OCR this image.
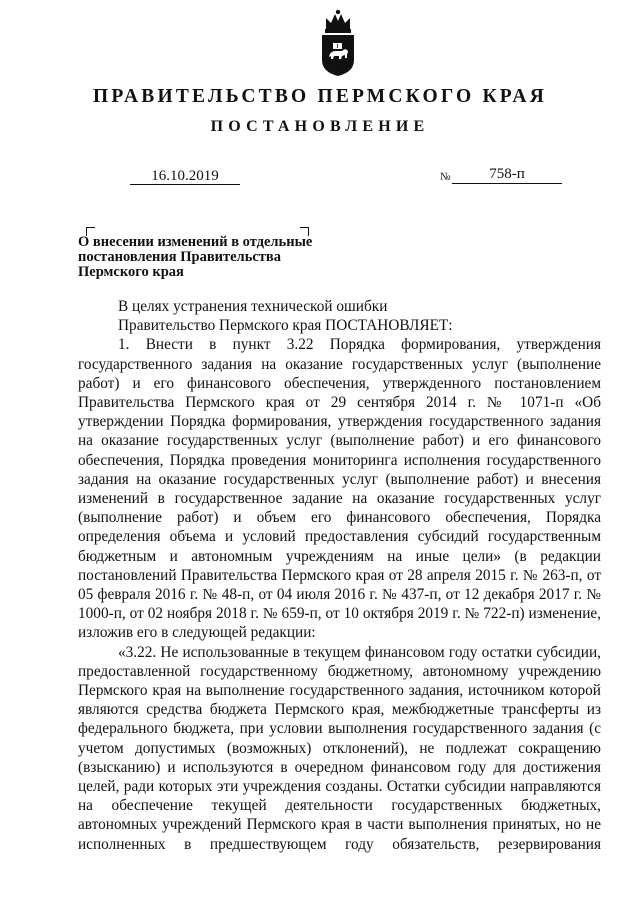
ПРАВИТЕЛЬСТВО ПЕРМСКОГО КРАЯ
ПОСТАНОВЛЕНИЕ
16.10.2019	№	758-п
О внесении изменений в отдельные постановления Правительства Пермского края

В целях устранения технической ошибки

Правительство Пермского края ПОСТАНОВЛЯЕТ:

1. Внести в пункт 3.22 Порядка формирования, утверждения государственного задания на оказание государственных услуг (выполнение работ) и его финансового обеспечения, утвержденного постановлением Правительства Пермского края от 29 сентября 2014 г. № 1071-п «Об утверждении Порядка формирования, утверждения государственного задания на оказание государственных услуг (выполнение работ) и его финансового обеспечения, Порядка проведения мониторинга исполнения государственного задания на оказание государственных услуг (выполнение работ) и внесения изменений в государственное задание на оказание государственных услуг (выполнение работ) и объем его финансового обеспечения, Порядка определения объема и условий предоставления субсидий государственным бюджетным и автономным учреждениям на иные цели» (в редакции постановлений Правительства Пермского края от 28 апреля 2015 г. № 263-п, от 05 февраля 2016 г. № 48-п, от 04 июля 2016 г. № 437-п, от 12 декабря 2017 г. № 1000-п, от 02 ноября 2018 г. № 659-п, от 10 октября 2019 г. № 722-п) изменение, изложив его в следующей редакции:

«3.22. Не использованные в текущем финансовом году остатки субсидии, предоставленной государственному бюджетному, автономному учреждению Пермского края на выполнение государственного задания, источником которой являются средства бюджета Пермского края, межбюджетные трансферты из федерального бюджета, при условии выполнения государственного задания (с учетом допустимых (возможных) отклонений), не подлежат сокращению (взысканию) и используются в очередном финансовом году для достижения целей, ради которых эти учреждения созданы. Остатки субсидии направляются на обеспечение текущей деятельности государственных бюджетных, автономных учреждений Пермского края в части выполнения принятых, но не исполненных в предшествующем году обязательств, резервирования
